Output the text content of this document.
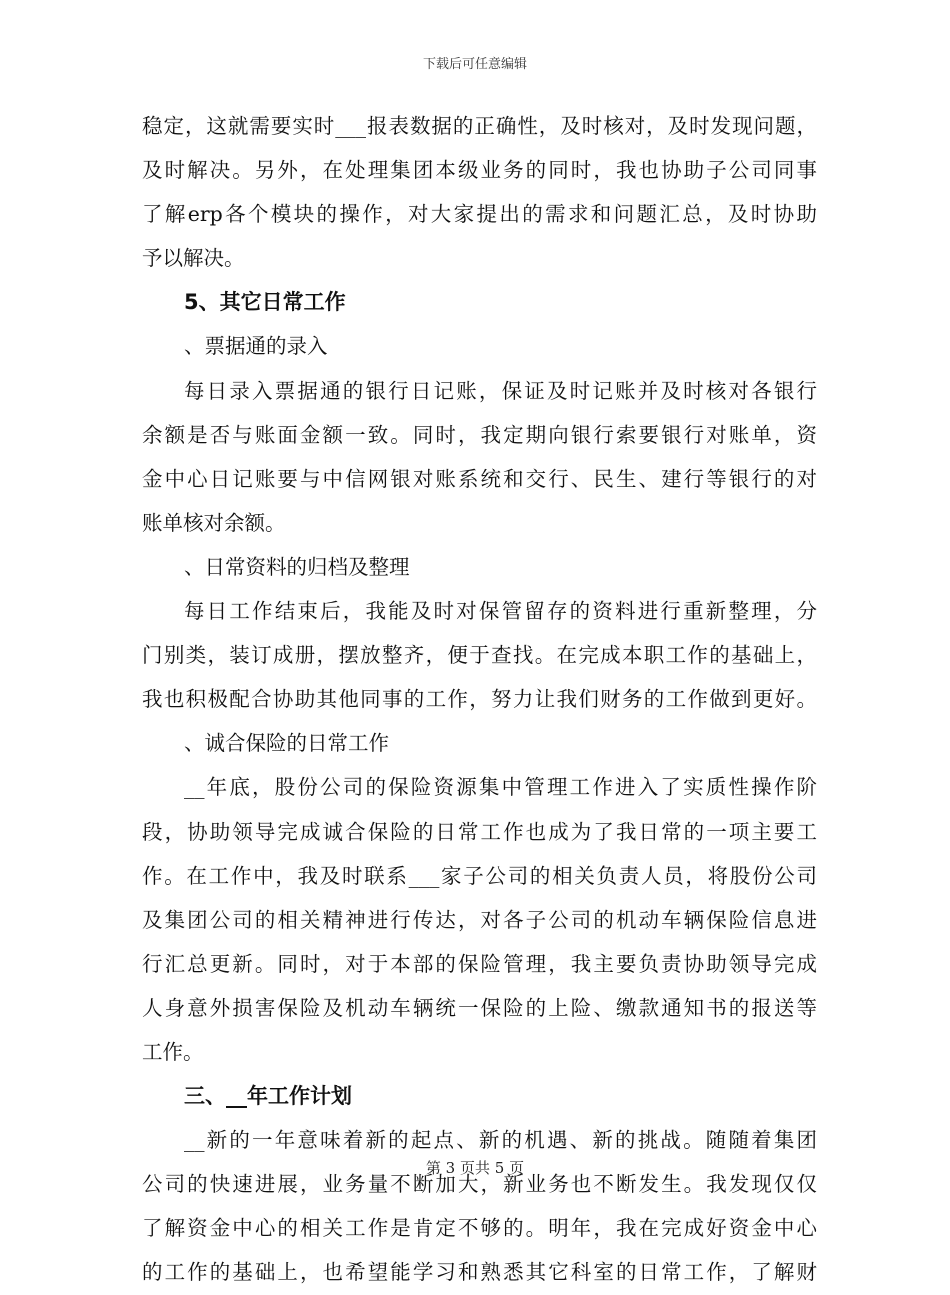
下载后可任意编辑
稳定，这就需要实时___报表数据的正确性，及时核对，及时发现问题，
及时解决。另外，在处理集团本级业务的同时，我也协助子公司同事
了解erp各个模块的操作，对大家提出的需求和问题汇总，及时协助
予以解决。
5、其它日常工作
、票据通的录入
每日录入票据通的银行日记账，保证及时记账并及时核对各银行
余额是否与账面金额一致。同时，我定期向银行索要银行对账单，资
金中心日记账要与中信网银对账系统和交行、民生、建行等银行的对
账单核对余额。
、日常资料的归档及整理
每日工作结束后，我能及时对保管留存的资料进行重新整理，分
门别类，装订成册，摆放整齐，便于查找。在完成本职工作的基础上，
我也积极配合协助其他同事的工作，努力让我们财务的工作做到更好。
、诚合保险的日常工作
__年底，股份公司的保险资源集中管理工作进入了实质性操作阶
段，协助领导完成诚合保险的日常工作也成为了我日常的一项主要工
作。在工作中，我及时联系___家子公司的相关负责人员，将股份公司
及集团公司的相关精神进行传达，对各子公司的机动车辆保险信息进
行汇总更新。同时，对于本部的保险管理，我主要负责协助领导完成
人身意外损害保险及机动车辆统一保险的上险、缴款通知书的报送等
工作。
三、__年工作计划
__新的一年意味着新的起点、新的机遇、新的挑战。随随着集团
公司的快速进展，业务量不断加大，新业务也不断发生。我发现仅仅
了解资金中心的相关工作是肯定不够的。明年，我在完成好资金中心
的工作的基础上，也希望能学习和熟悉其它科室的日常工作，了解财
第 3 页共 5 页
